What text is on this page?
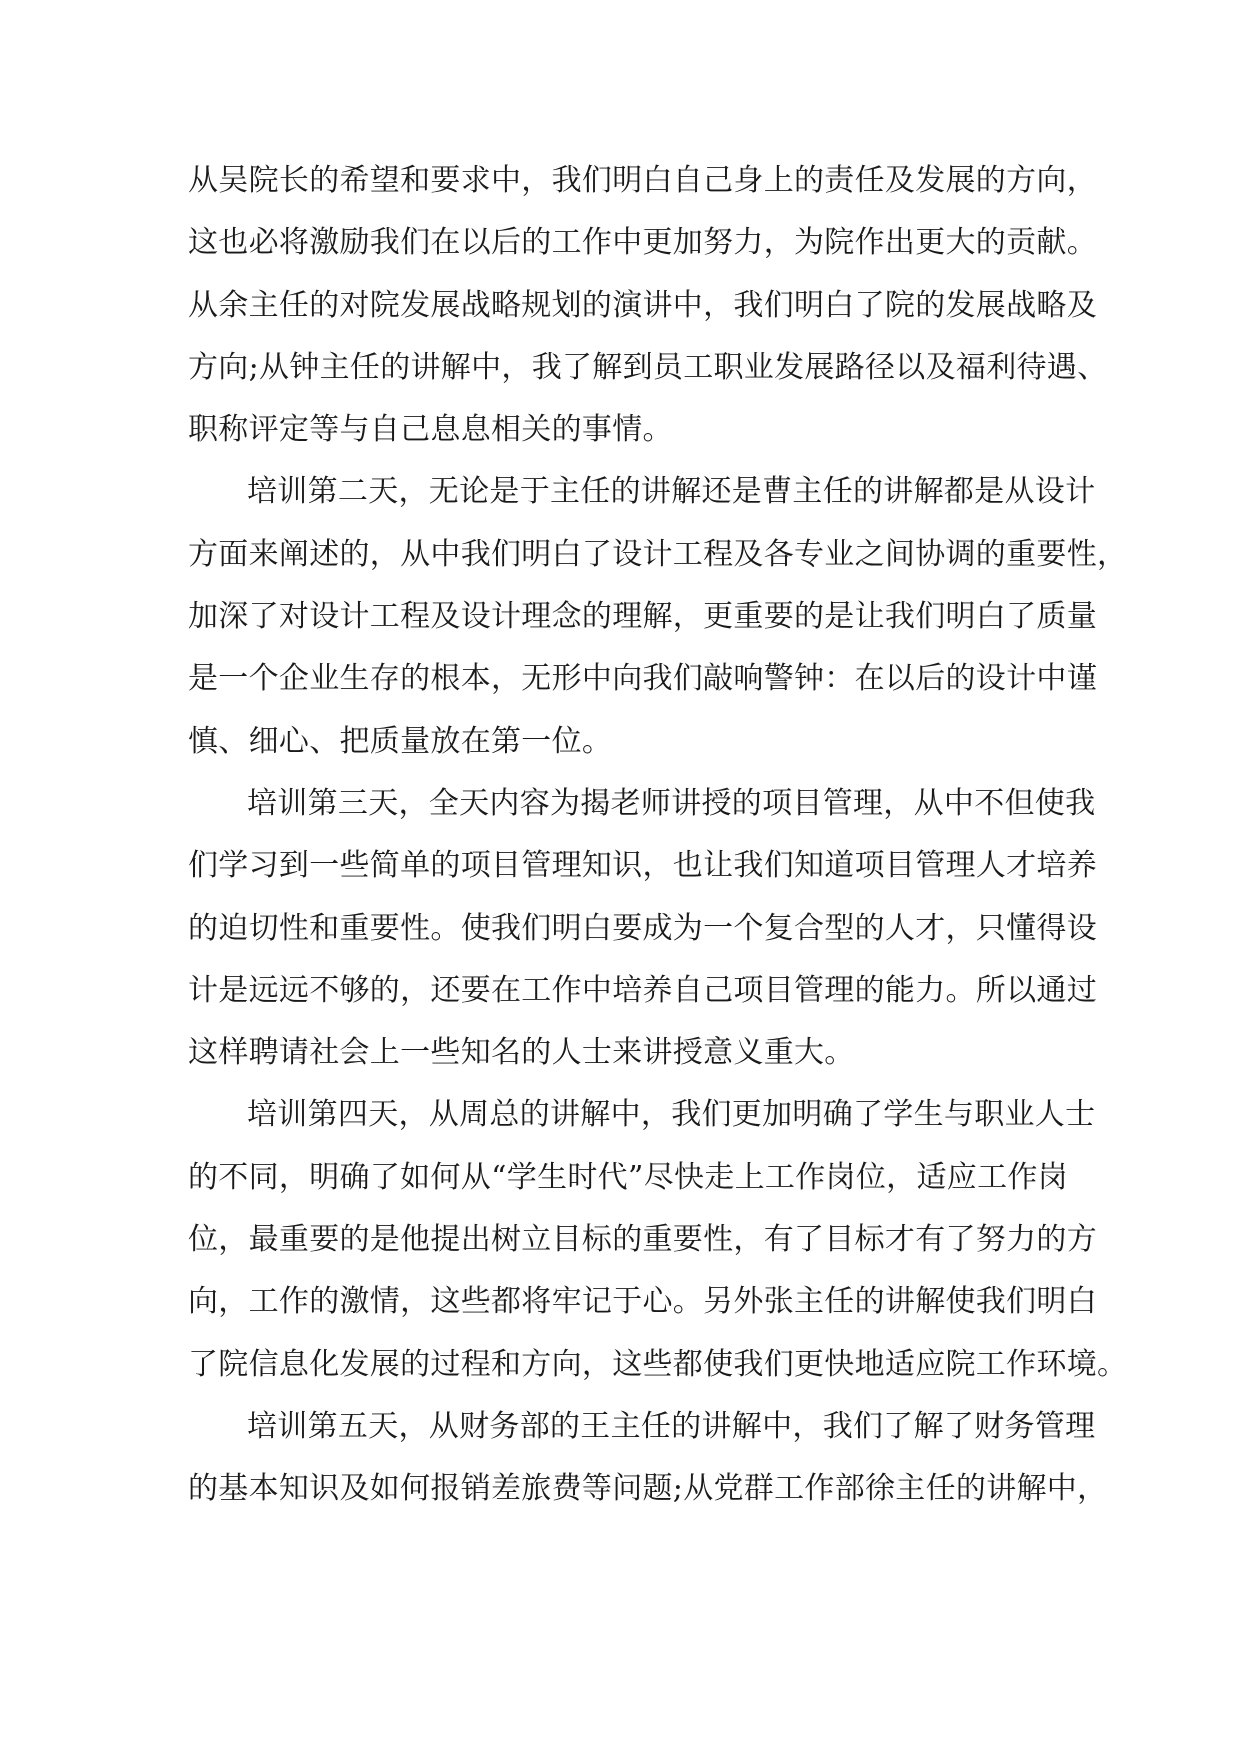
从吴院长的希望和要求中，我们明白自己身上的责任及发展的方向，
这也必将激励我们在以后的工作中更加努力，为院作出更大的贡献。
从余主任的对院发展战略规划的演讲中，我们明白了院的发展战略及
方向;从钟主任的讲解中，我了解到员工职业发展路径以及福利待遇、
职称评定等与自己息息相关的事情。
培训第二天，无论是于主任的讲解还是曹主任的讲解都是从设计
方面来阐述的，从中我们明白了设计工程及各专业之间协调的重要性，
加深了对设计工程及设计理念的理解，更重要的是让我们明白了质量
是一个企业生存的根本，无形中向我们敲响警钟：在以后的设计中谨
慎、细心、把质量放在第一位。
培训第三天，全天内容为揭老师讲授的项目管理，从中不但使我
们学习到一些简单的项目管理知识，也让我们知道项目管理人才培养
的迫切性和重要性。使我们明白要成为一个复合型的人才，只懂得设
计是远远不够的，还要在工作中培养自己项目管理的能力。所以通过
这样聘请社会上一些知名的人士来讲授意义重大。
培训第四天，从周总的讲解中，我们更加明确了学生与职业人士
的不同，明确了如何从“学生时代”尽快走上工作岗位，适应工作岗
位，最重要的是他提出树立目标的重要性，有了目标才有了努力的方
向，工作的激情，这些都将牢记于心。另外张主任的讲解使我们明白
了院信息化发展的过程和方向，这些都使我们更快地适应院工作环境。
培训第五天，从财务部的王主任的讲解中，我们了解了财务管理
的基本知识及如何报销差旅费等问题;从党群工作部徐主任的讲解中，
